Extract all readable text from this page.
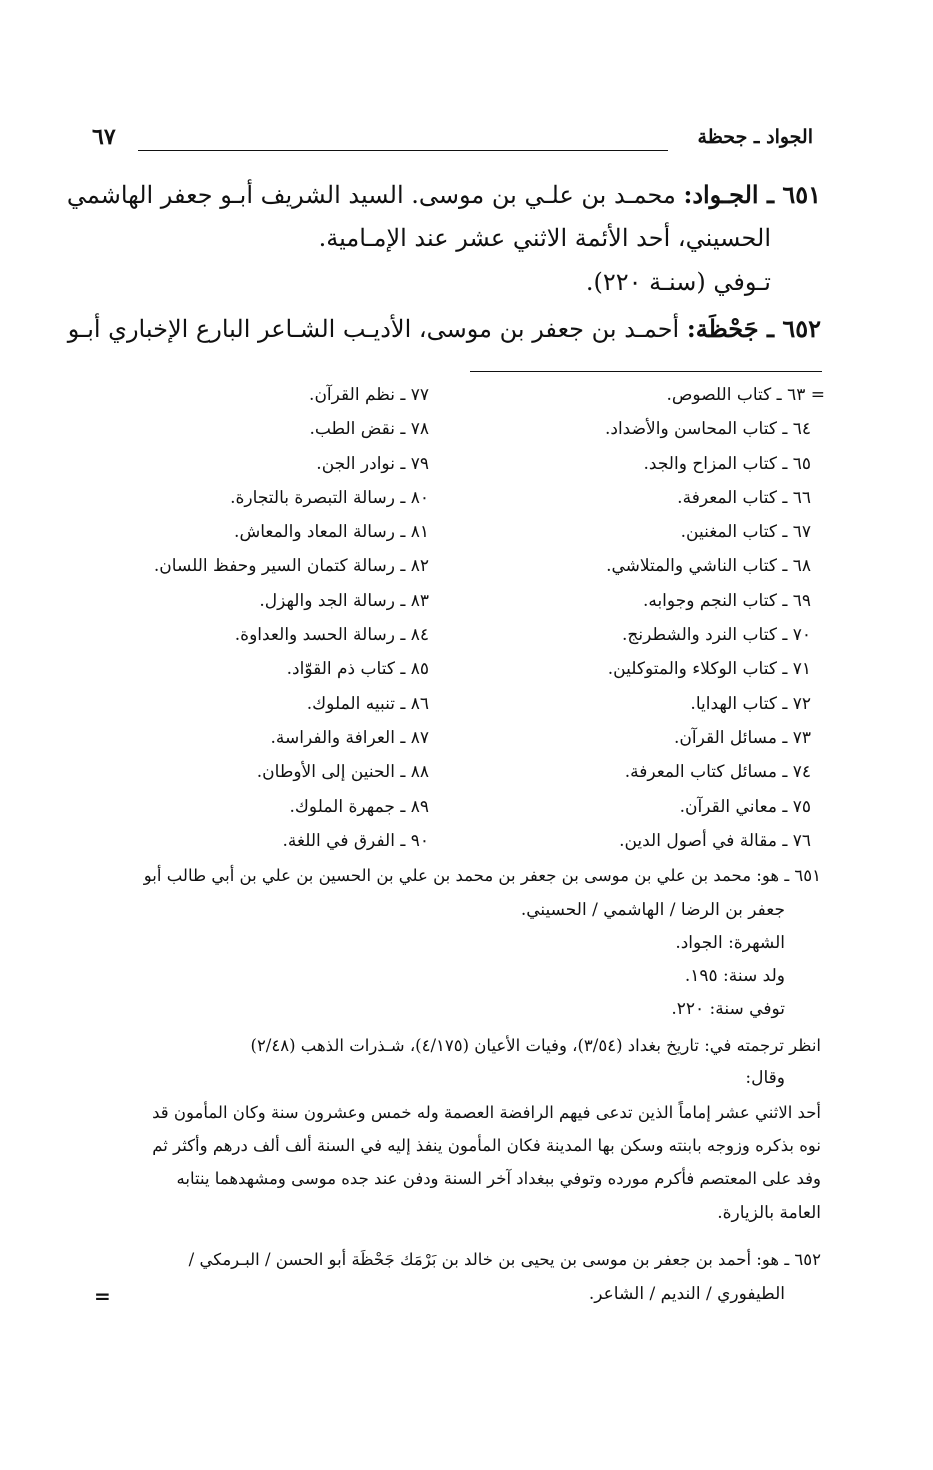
الجواد ـ جحظة
٦٧
٦٥١ ـ الجـواد: محمـد بن علـي بن موسى. السيد الشريف أبـو جعفر الهاشمي
الحسيني، أحد الأئمة الاثني عشر عند الإمـامية.
تـوفي (سنـة ٢٢٠).
٦٥٢ ـ جَحْظَة: أحمـد بن جعفر بن موسى، الأديـب الشـاعر البارع الإخباري أبـو
= ٦٣ ـ كتاب اللصوص.
٦٤ ـ كتاب المحاسن والأضداد.
٦٥ ـ كتاب المزاح والجد.
٦٦ ـ كتاب المعرفة.
٦٧ ـ كتاب المغنين.
٦٨ ـ كتاب الناشي والمتلاشي.
٦٩ ـ كتاب النجم وجوابه.
٧٠ ـ كتاب النرد والشطرنج.
٧١ ـ كتاب الوكلاء والمتوكلين.
٧٢ ـ كتاب الهدايا.
٧٣ ـ مسائل القرآن.
٧٤ ـ مسائل كتاب المعرفة.
٧٥ ـ معاني القرآن.
٧٦ ـ مقالة في أصول الدين.
٧٧ ـ نظم القرآن.
٧٨ ـ نقض الطب.
٧٩ ـ نوادر الجن.
٨٠ ـ رسالة التبصرة بالتجارة.
٨١ ـ رسالة المعاد والمعاش.
٨٢ ـ رسالة كتمان السير وحفظ اللسان.
٨٣ ـ رسالة الجد والهزل.
٨٤ ـ رسالة الحسد والعداوة.
٨٥ ـ كتاب ذم القوّاد.
٨٦ ـ تنبيه الملوك.
٨٧ ـ العرافة والفراسة.
٨٨ ـ الحنين إلى الأوطان.
٨٩ ـ جمهرة الملوك.
٩٠ ـ الفرق في اللغة.
٦٥١ ـ هو: محمد بن علي بن موسى بن جعفر بن محمد بن علي بن الحسين بن علي بن أبي طالب أبو
جعفر بن الرضا / الهاشمي / الحسيني.
الشهرة: الجواد.
ولد سنة: ١٩٥.
توفي سنة: ٢٢٠.
انظر ترجمته في: تاريخ بغداد (٣/٥٤)، وفيات الأعيان (٤/١٧٥)، شـذرات الذهب (٢/٤٨)
وقال:
أحد الاثني عشر إماماً الذين تدعى فيهم الرافضة العصمة وله خمس وعشرون سنة وكان المأمون قد
نوه بذكره وزوجه بابنته وسكن بها المدينة فكان المأمون ينفذ إليه في السنة ألف ألف درهم وأكثر ثم
وفد على المعتصم فأكرم مورده وتوفي ببغداد آخر السنة ودفن عند جده موسى ومشهدهما ينتابه
العامة بالزيارة.
٦٥٢ ـ هو: أحمد بن جعفر بن موسى بن يحيى بن خالد بن بَرْمَك جَحْظَة أبو الحسن / البـرمكي /
الطيفوري / النديم / الشاعر.
=
